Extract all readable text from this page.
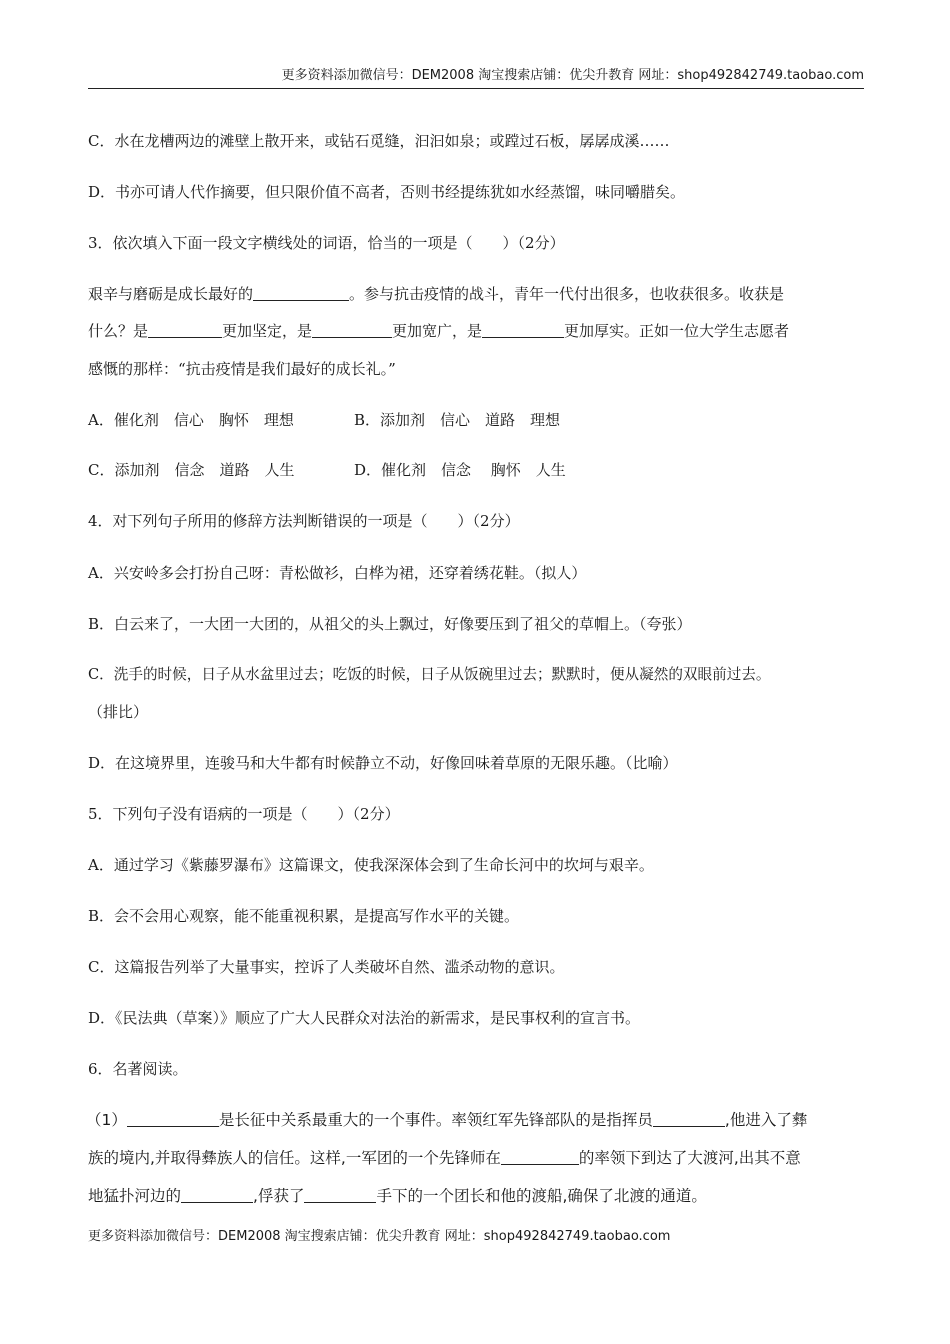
更多资料添加微信号：DEM2008 淘宝搜索店铺：优尖升教育 网址：shop492842749.taobao.com
C．水在龙槽两边的滩壁上散开来，或钻石觅缝，汩汩如泉；或蹚过石板，孱孱成溪……
D．书亦可请人代作摘要，但只限价值不高者，否则书经提练犹如水经蒸馏，味同嚼腊矣。
3．依次填入下面一段文字横线处的词语，恰当的一项是（　　）（2分）
艰辛与磨砺是成长最好的	。参与抗击疫情的战斗，青年一代付出很多，也收获很多。收获是
什么？是	更加坚定，是	更加宽广，是	更加厚实。正如一位大学生志愿者
感慨的那样：“抗击疫情是我们最好的成长礼。”
A．催化剂　信心　胸怀　理想	B．添加剂　信心　道路　理想
C．添加剂　信念　道路　人生	D．催化剂　信念　 胸怀　人生
4．对下列句子所用的修辞方法判断错误的一项是（　　）（2分）
A．兴安岭多会打扮自己呀：青松做衫，白桦为裙，还穿着绣花鞋。（拟人）
B．白云来了，一大团一大团的，从祖父的头上飘过，好像要压到了祖父的草帽上。（夸张）
C．洗手的时候，日子从水盆里过去；吃饭的时候，日子从饭碗里过去；默默时，便从凝然的双眼前过去。
（排比）
D．在这境界里，连骏马和大牛都有时候静立不动，好像回味着草原的无限乐趣。（比喻）
5．下列句子没有语病的一项是（　　）（2分）
A．通过学习《紫藤罗瀑布》这篇课文，使我深深体会到了生命长河中的坎坷与艰辛。
B．会不会用心观察，能不能重视积累，是提高写作水平的关键。
C．这篇报告列举了大量事实，控诉了人类破坏自然、滥杀动物的意识。
D．《民法典（草案）》顺应了广大人民群众对法治的新需求，是民事权利的宣言书。
6．名著阅读。
（1）	是长征中关系最重大的一个事件。率领红军先锋部队的是指挥员	,他进入了彝
族的境内,并取得彝族人的信任。这样,一军团的一个先锋师在	的率领下到达了大渡河,出其不意
地猛扑河边的	,俘获了	手下的一个团长和他的渡船,确保了北渡的通道。
更多资料添加微信号：DEM2008 淘宝搜索店铺：优尖升教育 网址：shop492842749.taobao.com
